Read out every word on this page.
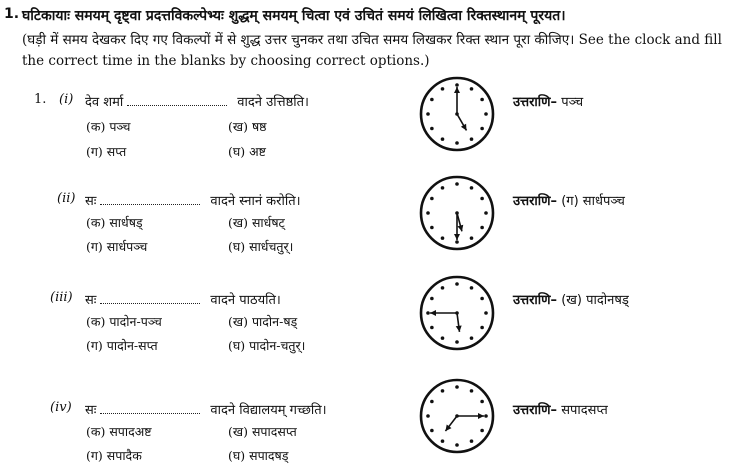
1. घटिकायाः समयम् दृष्ट्वा प्रदत्तविकल्पेभ्यः शुद्धम् समयम् चित्वा एवं उचितं समयं लिखित्वा रिक्तस्थानम् पूरयत।
(घड़ी में समय देखकर दिए गए विकल्पों में से शुद्ध उत्तर चुनकर तथा उचित समय लिखकर रिक्त स्थान पूरा कीजिए। See the clock and fill the correct time in the blanks by choosing correct options.)
1. (i) देव शर्मा	वादने उत्तिष्ठति।
(क) पञ्च	(ख) षष्ठ
(ग) सप्त	(घ) अष्ट
उत्तराणि– पञ्च
(ii) सः	वादने स्नानं करोति।
(क) सार्धषड्	(ख) सार्धषट्
(ग) सार्धपञ्च	(घ) सार्धचतुर्।
उत्तराणि– (ग) सार्धपञ्च
(iii) सः	वादने पाठयति।
(क) पादोन-पञ्च	(ख) पादोन-षड्
(ग) पादोन-सप्त	(घ) पादोन-चतुर्।
उत्तराणि– (ख) पादोनषड्
(iv) सः	वादने विद्यालयम् गच्छति।
(क) सपादअष्ट	(ख) सपादसप्त
(ग) सपादैक	(घ) सपादषड्
उत्तराणि– सपादसप्त
